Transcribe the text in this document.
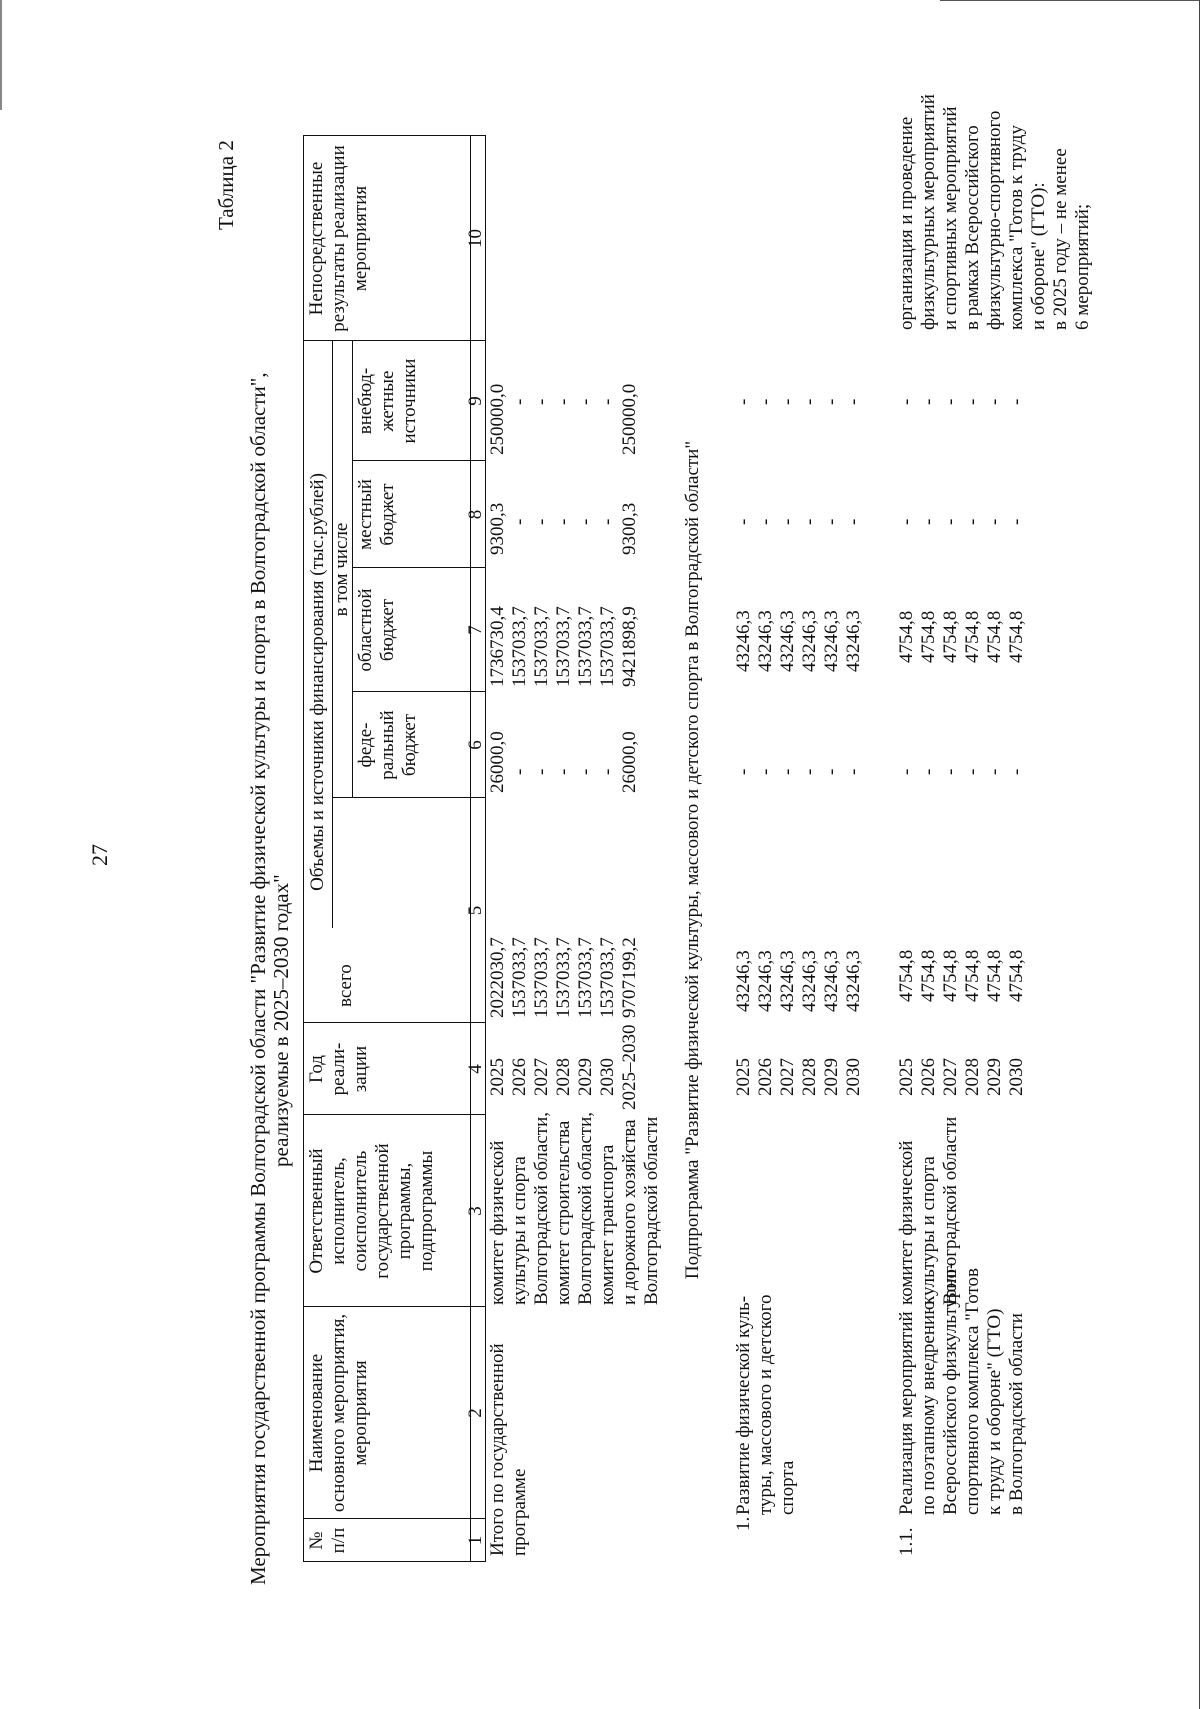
27
Таблица 2
Мероприятия государственной программы Волгоградской области "Развитие физической культуры и спорта в Волгоградской области", реализуемые в 2025–2030 годах"
№ п/п
Наименование основного мероприятия, мероприятия
Ответственный исполнитель, соисполнитель государственной программы, подпрограммы
Год реали- зации
Объемы и источники финансирования (тыс.рублей)
всего
в том числе
феде- ральный бюджет
областной бюджет
местный бюджет
внебюд- жетные источники
Непосредственные результаты реализации мероприятия
1
2
3
4
5
6
7
8
9
10
Итого по государственной программе
комитет физической культуры и спорта Волгоградской области, комитет строительства Волгоградской области, комитет транспорта и дорожного хозяйства Волгоградской области
2025 2026 2027 2028 2029 2030 2025–2030
2022030,7 1537033,7 1537033,7 1537033,7 1537033,7 1537033,7 9707199,2
26000,0 - - - - - 26000,0
1736730,4 1537033,7 1537033,7 1537033,7 1537033,7 1537033,7 9421898,9
9300,3 - - - - - 9300,3
250000,0 - - - - - 250000,0
Подпрограмма "Развитие физической культуры, массового и детского спорта в Волгоградской области"
1.
Развитие физической куль- туры, массового и детского спорта
2025 2026 2027 2028 2029 2030
43246,3 43246,3 43246,3 43246,3 43246,3 43246,3
- - - - - -
43246,3 43246,3 43246,3 43246,3 43246,3 43246,3
- - - - - -
- - - - - -
1.1.
Реализация мероприятий по поэтапному внедрению Всероссийского физкультурно- спортивного комплекса "Готов к труду и обороне" (ГТО) в Волгоградской области
комитет физической культуры и спорта Волгоградской области
2025 2026 2027 2028 2029 2030
4754,8 4754,8 4754,8 4754,8 4754,8 4754,8
- - - - - -
4754,8 4754,8 4754,8 4754,8 4754,8 4754,8
- - - - - -
- - - - - -
организация и проведение физкультурных мероприятий и спортивных мероприятий в рамках Всероссийского физкультурно-спортивного комплекса "Готов к труду и обороне" (ГТО): в 2025 году – не менее 6 мероприятий;
